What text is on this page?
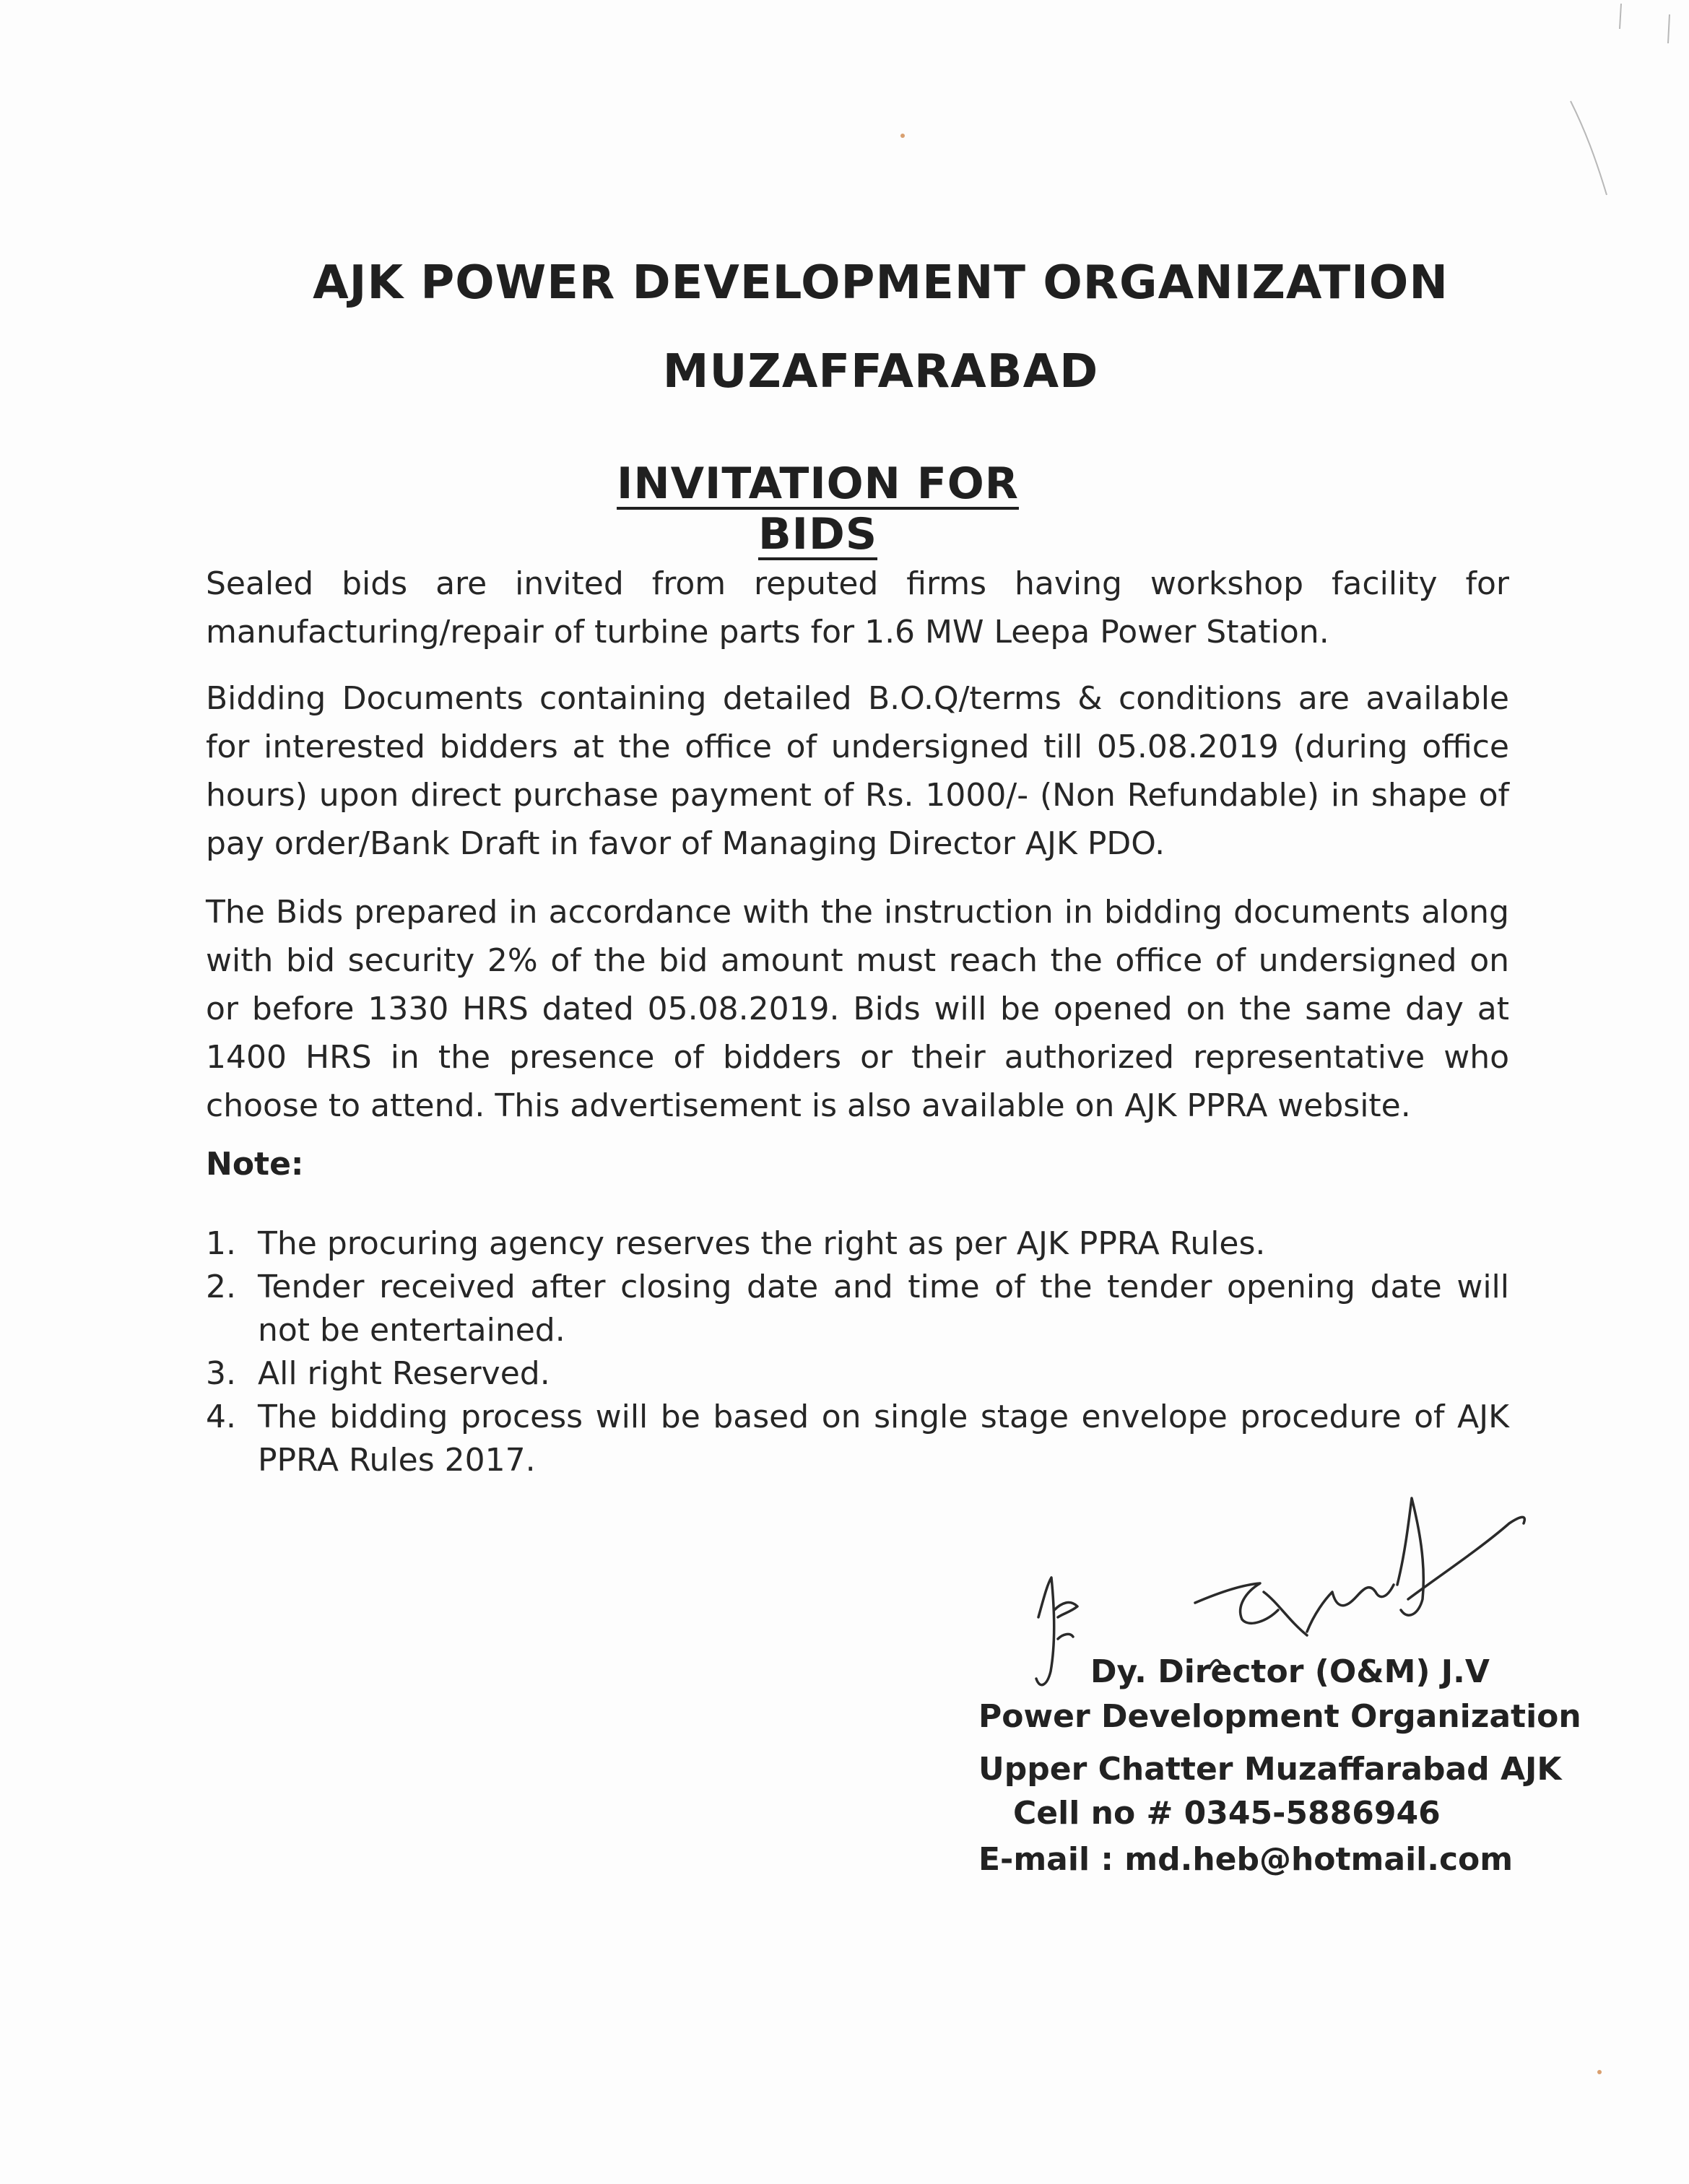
AJK POWER DEVELOPMENT ORGANIZATION
MUZAFFARABAD
INVITATION FOR BIDS

Sealed bids are invited from reputed firms having workshop facility for manufacturing/repair of turbine parts for 1.6 MW Leepa Power Station.

Bidding Documents containing detailed B.O.Q/terms & conditions are available for interested bidders at the office of undersigned till 05.08.2019 (during office hours) upon direct purchase payment of Rs. 1000/- (Non Refundable) in shape of pay order/Bank Draft in favor of Managing Director AJK PDO.

The Bids prepared in accordance with the instruction in bidding documents along with bid security 2% of the bid amount must reach the office of undersigned on or before 1330 HRS dated 05.08.2019. Bids will be opened on the same day at 1400 HRS in the presence of bidders or their authorized representative who choose to attend. This advertisement is also available on AJK PPRA website.

Note:

1. The procuring agency reserves the right as per AJK PPRA Rules.
2. Tender received after closing date and time of the tender opening date will not be entertained.
3. All right Reserved.
4. The bidding process will be based on single stage envelope procedure of AJK PPRA Rules 2017.

Dy. Director (O&M) J.V

Power Development Organization

Upper Chatter Muzaffarabad AJK

Cell no # 0345-5886946

E-mail : md.heb@hotmail.com
